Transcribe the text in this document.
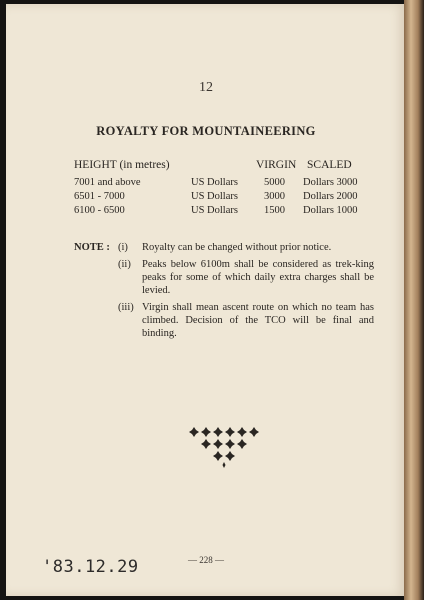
12
ROYALTY FOR MOUNTAINEERING
HEIGHT (in metres)	VIRGIN SCALED
7001 and above	US Dollars 5000 Dollars 3000
6501 - 7000	US Dollars 3000 Dollars 2000
6100 - 6500	US Dollars 1500 Dollars 1000
NOTE : (i) Royalty can be changed without prior notice.
(ii) Peaks below 6100m shall be considered as trek-king peaks for some of which daily extra charges shall be levied.
(iii) Virgin shall mean ascent route on which no team has climbed. Decision of the TCO will be final and binding.
— 228 —
'83.12.29
